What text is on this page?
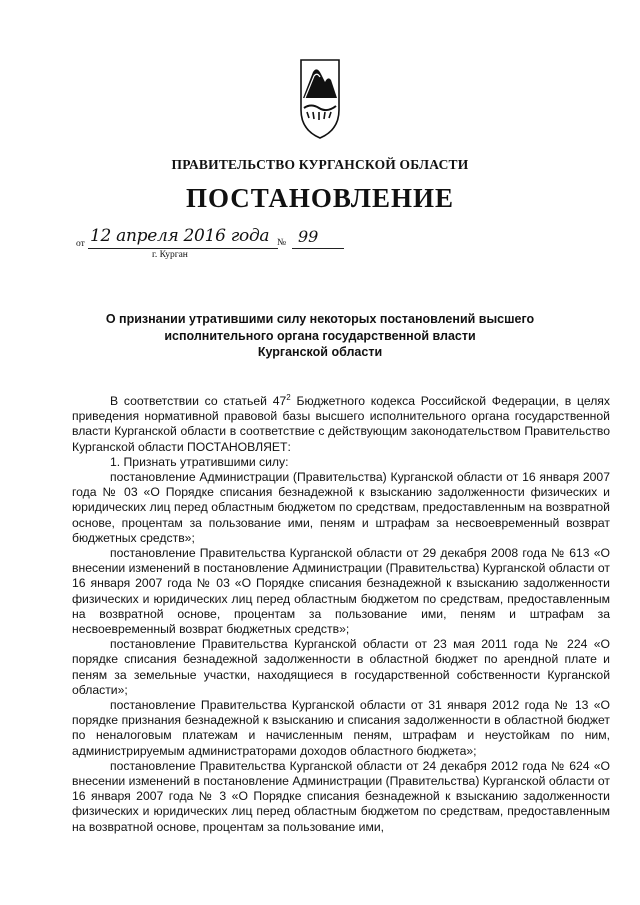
ПРАВИТЕЛЬСТВО КУРГАНСКОЙ ОБЛАСТИ
ПОСТАНОВЛЕНИЕ
от 12 апреля 2016 года № 99
г. Курган
О признании утратившими силу некоторых постановлений высшего
исполнительного органа государственной власти
Курганской области

В соответствии со статьей $47^2$ Бюджетного кодекса Российской Федерации, в целях приведения нормативной правовой базы высшего исполнительного органа государственной власти Курганской области в соответствие с действующим законодательством Правительство Курганской области ПОСТАНОВЛЯЕТ:

1. Признать утратившими силу:

постановление Администрации (Правительства) Курганской области от 16 января 2007 года № 03 «О Порядке списания безнадежной к взысканию задолженности физических и юридических лиц перед областным бюджетом по средствам, предоставленным на возвратной основе, процентам за пользование ими, пеням и штрафам за несвоевременный возврат бюджетных средств»;

постановление Правительства Курганской области от 29 декабря 2008 года № 613 «О внесении изменений в постановление Администрации (Правительства) Курганской области от 16 января 2007 года № 03 «О Порядке списания безнадежной к взысканию задолженности физических и юридических лиц перед областным бюджетом по средствам, предоставленным на возвратной основе, процентам за пользование ими, пеням и штрафам за несвоевременный возврат бюджетных средств»;

постановление Правительства Курганской области от 23 мая 2011 года № 224 «О порядке списания безнадежной задолженности в областной бюджет по арендной плате и пеням за земельные участки, находящиеся в государственной собственности Курганской области»;

постановление Правительства Курганской области от 31 января 2012 года № 13 «О порядке признания безнадежной к взысканию и списания задолженности в областной бюджет по неналоговым платежам и начисленным пеням, штрафам и неустойкам по ним, администрируемым администраторами доходов областного бюджета»;

постановление Правительства Курганской области от 24 декабря 2012 года № 624 «О внесении изменений в постановление Администрации (Правительства) Курганской области от 16 января 2007 года № 3 «О Порядке списания безнадежной к взысканию задолженности физических и юридических лиц перед областным бюджетом по средствам, предоставленным на возвратной основе, процентам за пользование ими,
